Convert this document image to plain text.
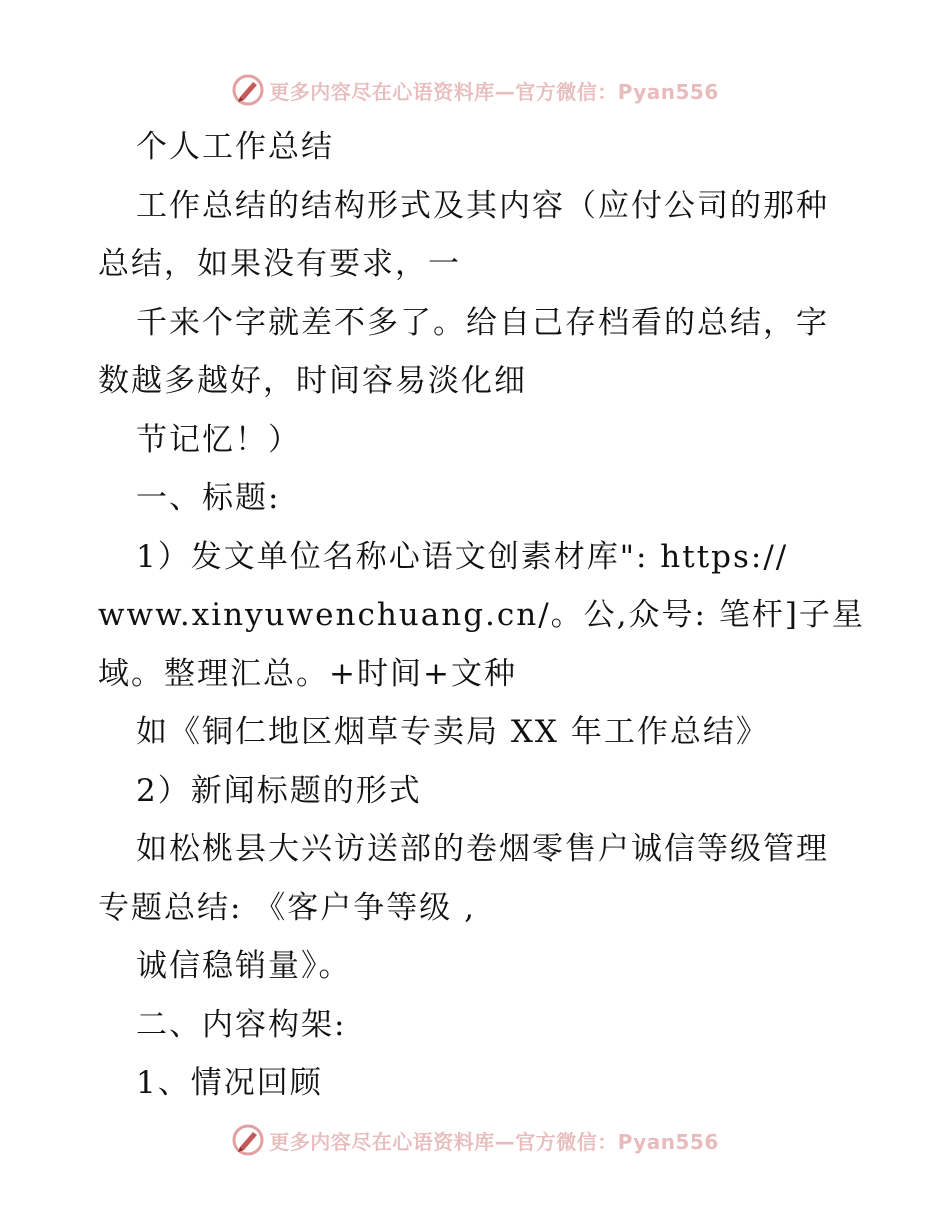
更多内容尽在心语资料库—官方微信：Pyan556
个人工作总结
工作总结的结构形式及其内容（应付公司的那种
总结，如果没有要求，一
千来个字就差不多了。给自己存档看的总结，字
数越多越好，时间容易淡化细
节记忆！）
一、标题:
1）发文单位名称心语文创素材库": https://
www.xinyuwenchuang.cn/。公,众号: 笔杆]子星
域。整理汇总。+时间+文种
如《铜仁地区烟草专卖局 XX 年工作总结》
2）新闻标题的形式
如松桃县大兴访送部的卷烟零售户诚信等级管理
专题总结: 《客户争等级 ,
诚信稳销量》。
二、内容构架:
1、情况回顾
更多内容尽在心语资料库—官方微信：Pyan556
